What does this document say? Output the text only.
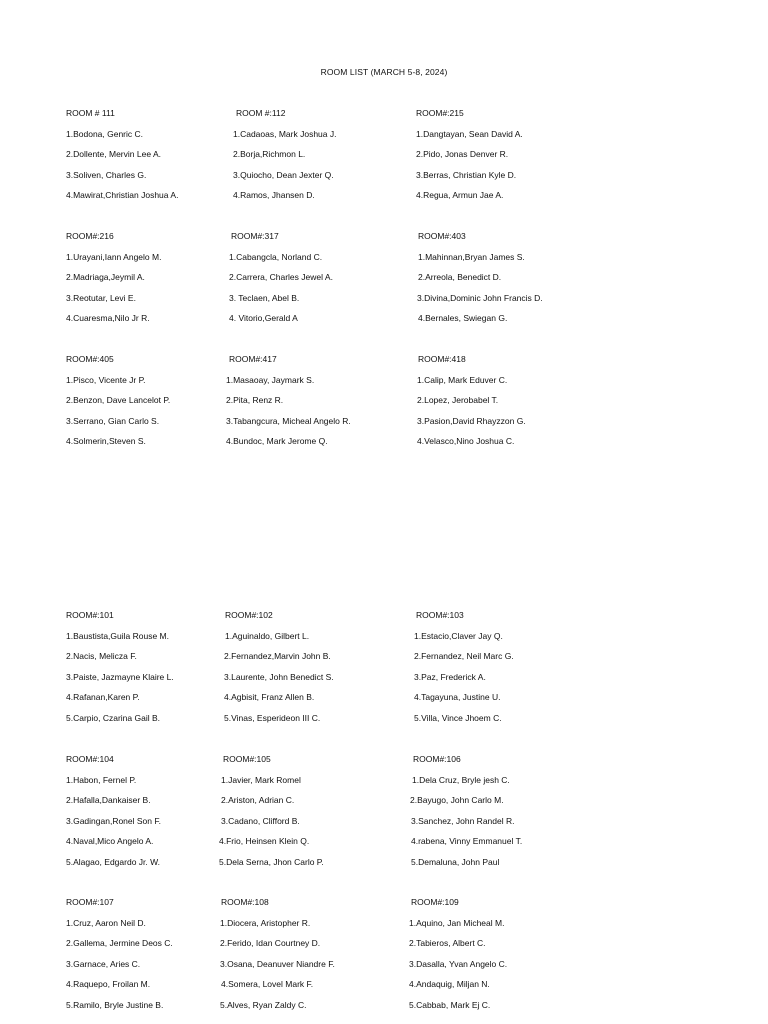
ROOM LIST (MARCH 5-8, 2024)
ROOM # 111
1.Bodona, Genric C.
2.Dollente, Mervin Lee A.
3.Soliven, Charles G.
4.Mawirat,Christian Joshua A.
ROOM #:112
1.Cadaoas, Mark Joshua J.
2.Borja,Richmon L.
3.Quiocho, Dean Jexter Q.
4.Ramos, Jhansen D.
ROOM#:215
1.Dangtayan, Sean David A.
2.Pido, Jonas Denver R.
3.Berras, Christian Kyle D.
4.Regua, Armun Jae A.
ROOM#:216
1.Urayani,Iann Angelo M.
2.Madriaga,Jeymil A.
3.Reotutar, Levi E.
4.Cuaresma,Nilo Jr R.
ROOM#:317
1.Cabangcla, Norland C.
2.Carrera, Charles Jewel A.
3. Teclaen, Abel B.
4. Vitorio,Gerald A
ROOM#:403
1.Mahinnan,Bryan James S.
2.Arreola, Benedict D.
3.Divina,Dominic John Francis D.
4.Bernales, Swiegan G.
ROOM#:405
1.Pisco, Vicente Jr P.
2.Benzon, Dave Lancelot P.
3.Serrano, Gian Carlo S.
4.Solmerin,Steven S.
ROOM#:417
1.Masaoay, Jaymark S.
2.Pita, Renz R.
3.Tabangcura, Micheal Angelo R.
4.Bundoc, Mark Jerome Q.
ROOM#:418
1.Calip, Mark Eduver C.
2.Lopez, Jerobabel T.
3.Pasion,David Rhayzzon G.
4.Velasco,Nino Joshua C.
ROOM#:101
1.Baustista,Guila Rouse M.
2.Nacis, Melicza F.
3.Paiste, Jazmayne Klaire L.
4.Rafanan,Karen P.
5.Carpio, Czarina Gail B.
ROOM#:102
1.Aguinaldo, Gilbert L.
2.Fernandez,Marvin John B.
3.Laurente, John Benedict S.
4.Agbisit, Franz Allen B.
5.Vinas, Esperideon III C.
ROOM#:103
1.Estacio,Claver Jay Q.
2.Fernandez, Neil Marc G.
3.Paz, Frederick A.
4.Tagayuna, Justine U.
5.Villa, Vince Jhoem C.
ROOM#:104
1.Habon, Fernel P.
2.Hafalla,Dankaiser B.
3.Gadingan,Ronel Son F.
4.Naval,Mico Angelo A.
5.Alagao, Edgardo Jr. W.
ROOM#:105
1.Javier, Mark Romel
2.Ariston, Adrian C.
3.Cadano, Clifford B.
4.Frio, Heinsen Klein Q.
5.Dela Serna, Jhon Carlo P.
ROOM#:106
1.Dela Cruz, Bryle jesh C.
2.Bayugo, John Carlo M.
3.Sanchez, John Randel R.
4.rabena, Vinny Emmanuel T.
5.Demaluna, John Paul
ROOM#:107
1.Cruz, Aaron Neil D.
2.Gallema, Jermine Deos C.
3.Garnace, Aries C.
4.Raquepo, Froilan M.
5.Ramilo, Bryle Justine B.
ROOM#:108
1.Diocera, Aristopher R.
2.Ferido, Idan Courtney D.
3.Osana, Deanuver Niandre F.
4.Somera, Lovel Mark F.
5.Alves, Ryan Zaldy C.
ROOM#:109
1.Aquino, Jan Micheal M.
2.Tabieros, Albert C.
3.Dasalla, Yvan Angelo C.
4.Andaquig, Miljan N.
5.Cabbab, Mark Ej C.
